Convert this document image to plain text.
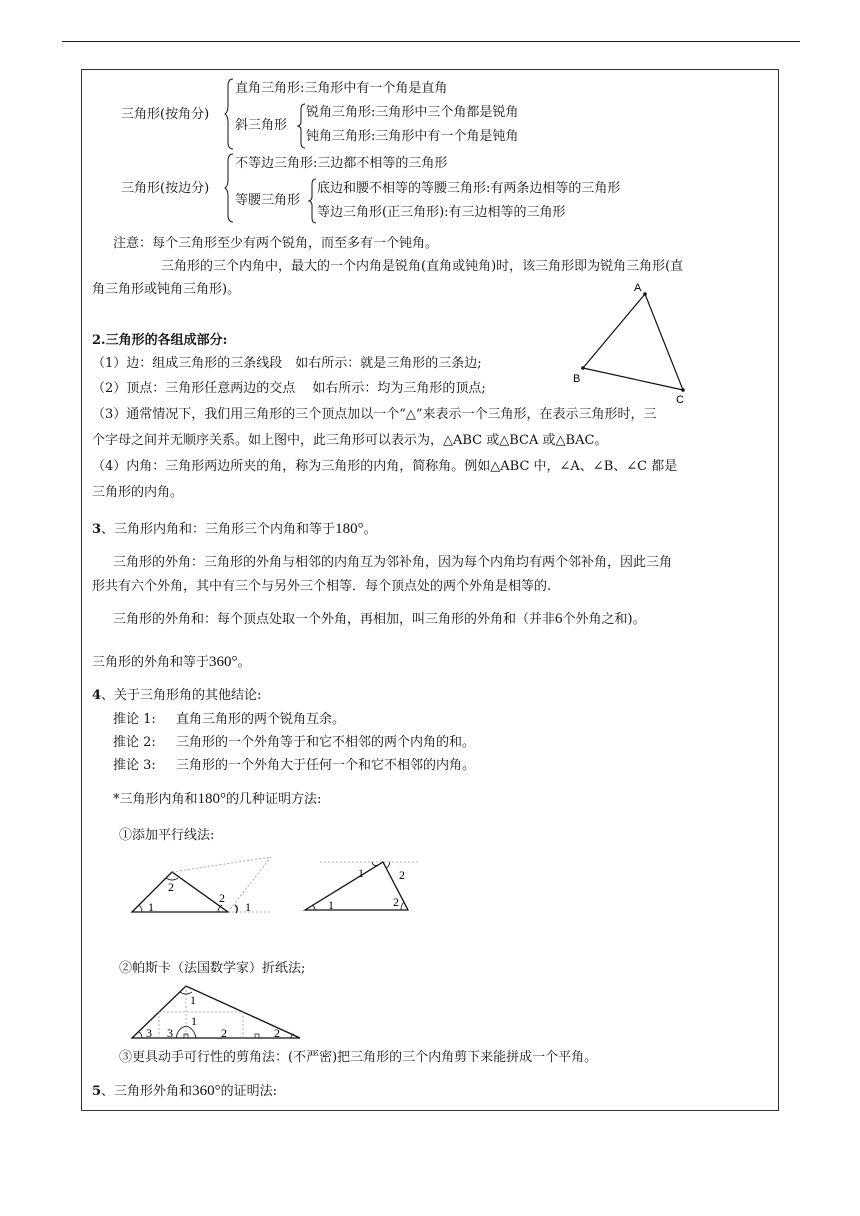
三角形(按角分)
直角三角形:三角形中有一个角是直角
斜三角形
锐角三角形:三角形中三个角都是锐角
钝角三角形:三角形中有一个角是钝角
三角形(按边分)
不等边三角形:三边都不相等的三角形
等腰三角形
底边和腰不相等的等腰三角形:有两条边相等的三角形
等边三角形(正三角形):有三边相等的三角形
注意：每个三角形至少有两个锐角，而至多有一个钝角。
三角形的三个内角中，最大的一个内角是锐角(直角或钝角)时，该三角形即为锐角三角形(直
角三角形或钝角三角形)。	A
B
C
2.三角形的各组成部分:
（1）边：组成三角形的三条线段　如右所示：就是三角形的三条边;
（2）顶点：三角形任意两边的交点　 如右所示：均为三角形的顶点;
（3）通常情况下，我们用三角形的三个顶点加以一个“△”来表示一个三角形，在表示三角形时，三
个字母之间并无顺序关系。如上图中，此三角形可以表示为，△ABC 或△BCA 或△BAC。
（4）内角：三角形两边所夹的角，称为三角形的内角，简称角。例如△ABC 中，∠A、∠B、∠C 都是
三角形的内角。
3、三角形内角和：三角形三个内角和等于180°。
三角形的外角：三角形的外角与相邻的内角互为邻补角，因为每个内角均有两个邻补角，因此三角
形共有六个外角，其中有三个与另外三个相等．每个顶点处的两个外角是相等的.
三角形的外角和：每个顶点处取一个外角，再相加，叫三角形的外角和（并非6个外角之和)。
三角形的外角和等于360°。
4、关于三角形角的其他结论:
推论 1: 直角三角形的两个锐角互余。
推论 2: 三角形的一个外角等于和它不相邻的两个内角的和。
推论 3: 三角形的一个外角大于任何一个和它不相邻的内角。
*三角形内角和180°的几种证明方法:
①添加平行线法:
1
2
2
1	1
1	2
2
②帕斯卡（法国数学家）折纸法;
1
1
3 3	2	2
③更具动手可行性的剪角法：(不严密)把三角形的三个内角剪下来能拼成一个平角。
5、三角形外角和360°的证明法:
